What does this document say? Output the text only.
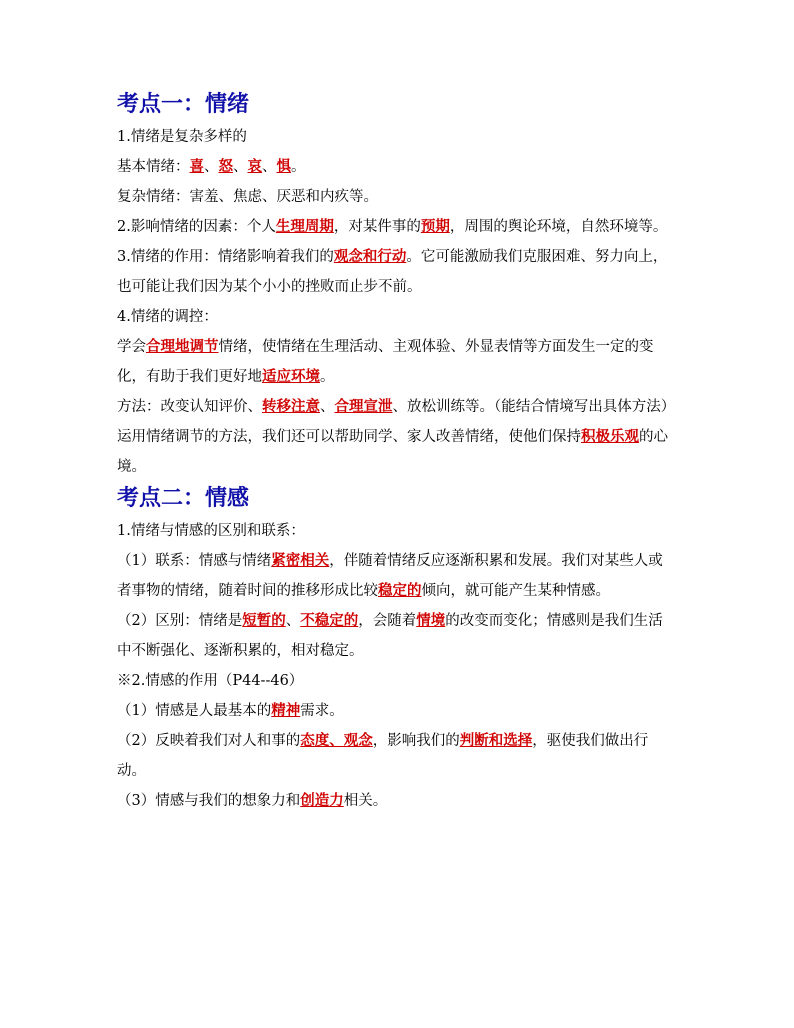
考点一：情绪
1.情绪是复杂多样的
基本情绪：喜、怒、哀、惧。
复杂情绪：害羞、焦虑、厌恶和内疚等。
2.影响情绪的因素：个人生理周期，对某件事的预期，周围的舆论环境，自然环境等。
3.情绪的作用：情绪影响着我们的观念和行动。它可能激励我们克服困难、努力向上，也可能让我们因为某个小小的挫败而止步不前。
4.情绪的调控：
学会合理地调节情绪，使情绪在生理活动、主观体验、外显表情等方面发生一定的变化，有助于我们更好地适应环境。
方法：改变认知评价、转移注意、合理宣泄、放松训练等。（能结合情境写出具体方法）
运用情绪调节的方法，我们还可以帮助同学、家人改善情绪，使他们保持积极乐观的心境。
考点二：情感
1.情绪与情感的区别和联系：
（1）联系：情感与情绪紧密相关，伴随着情绪反应逐渐积累和发展。我们对某些人或者事物的情绪，随着时间的推移形成比较稳定的倾向，就可能产生某种情感。
（2）区别：情绪是短暂的、不稳定的，会随着情境的改变而变化；情感则是我们生活中不断强化、逐渐积累的，相对稳定。
※2.情感的作用（P44--46）
（1）情感是人最基本的精神需求。
（2）反映着我们对人和事的态度、观念，影响我们的判断和选择，驱使我们做出行动。
（3）情感与我们的想象力和创造力相关。
